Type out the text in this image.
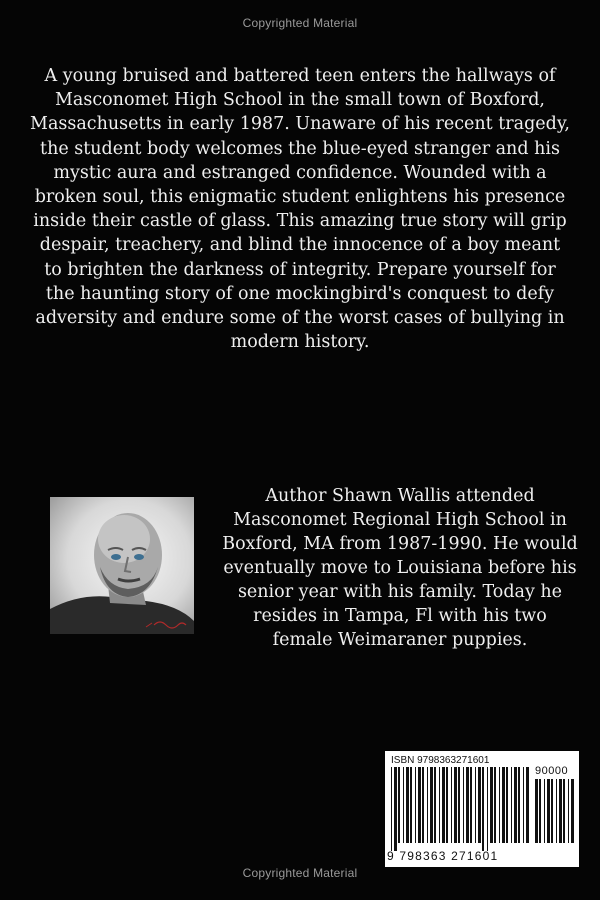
Copyrighted Material

A young bruised and battered teen enters the hallways of Masconomet High School in the small town of Boxford, Massachusetts in early 1987. Unaware of his recent tragedy, the student body welcomes the blue-eyed stranger and his mystic aura and estranged confidence. Wounded with a broken soul, this enigmatic student enlightens his presence inside their castle of glass. This amazing true story will grip despair, treachery, and blind the innocence of a boy meant to brighten the darkness of integrity. Prepare yourself for the haunting story of one mockingbird's conquest to defy adversity and endure some of the worst cases of bullying in modern history.

Author Shawn Wallis attended Masconomet Regional High School in Boxford, MA from 1987-1990. He would eventually move to Louisiana before his senior year with his family. Today he resides in Tampa, Fl with his two female Weimaraner puppies.

ISBN 9798363271601
90000
9 798363 271601
Copyrighted Material
